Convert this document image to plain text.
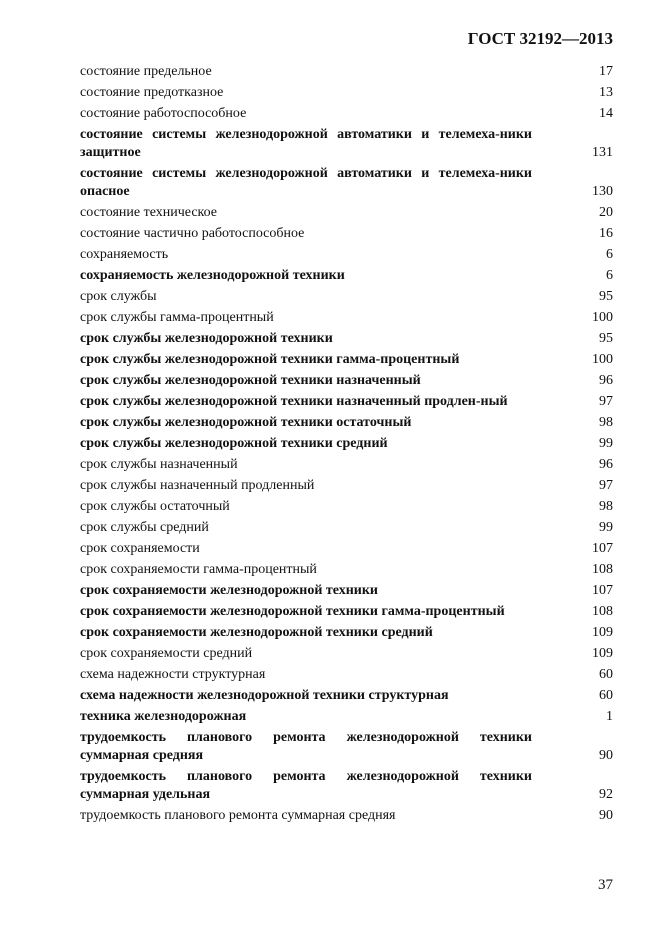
ГОСТ 32192—2013
состояние предельное	17
состояние предотказное	13
состояние работоспособное	14
состояние системы железнодорожной автоматики и телемеха-ники защитное	131
состояние системы железнодорожной автоматики и телемеха-ники опасное	130
состояние техническое	20
состояние частично работоспособное	16
сохраняемость	6
сохраняемость железнодорожной техники	6
срок службы	95
срок службы гамма-процентный	100
срок службы железнодорожной техники	95
срок службы железнодорожной техники гамма-процентный	100
срок службы железнодорожной техники назначенный	96
срок службы железнодорожной техники назначенный продлен-ный	97
срок службы железнодорожной техники остаточный	98
срок службы железнодорожной техники средний	99
срок службы назначенный	96
срок службы назначенный продленный	97
срок службы остаточный	98
срок службы средний	99
срок сохраняемости	107
срок сохраняемости гамма-процентный	108
срок сохраняемости железнодорожной техники	107
срок сохраняемости железнодорожной техники гамма-процентный	108
срок сохраняемости железнодорожной техники средний	109
срок сохраняемости средний	109
схема надежности структурная	60
схема надежности железнодорожной техники структурная	60
техника железнодорожная	1
трудоемкость планового ремонта железнодорожной техники суммарная средняя	90
трудоемкость планового ремонта железнодорожной техники суммарная удельная	92
трудоемкость планового ремонта суммарная средняя	90
37
